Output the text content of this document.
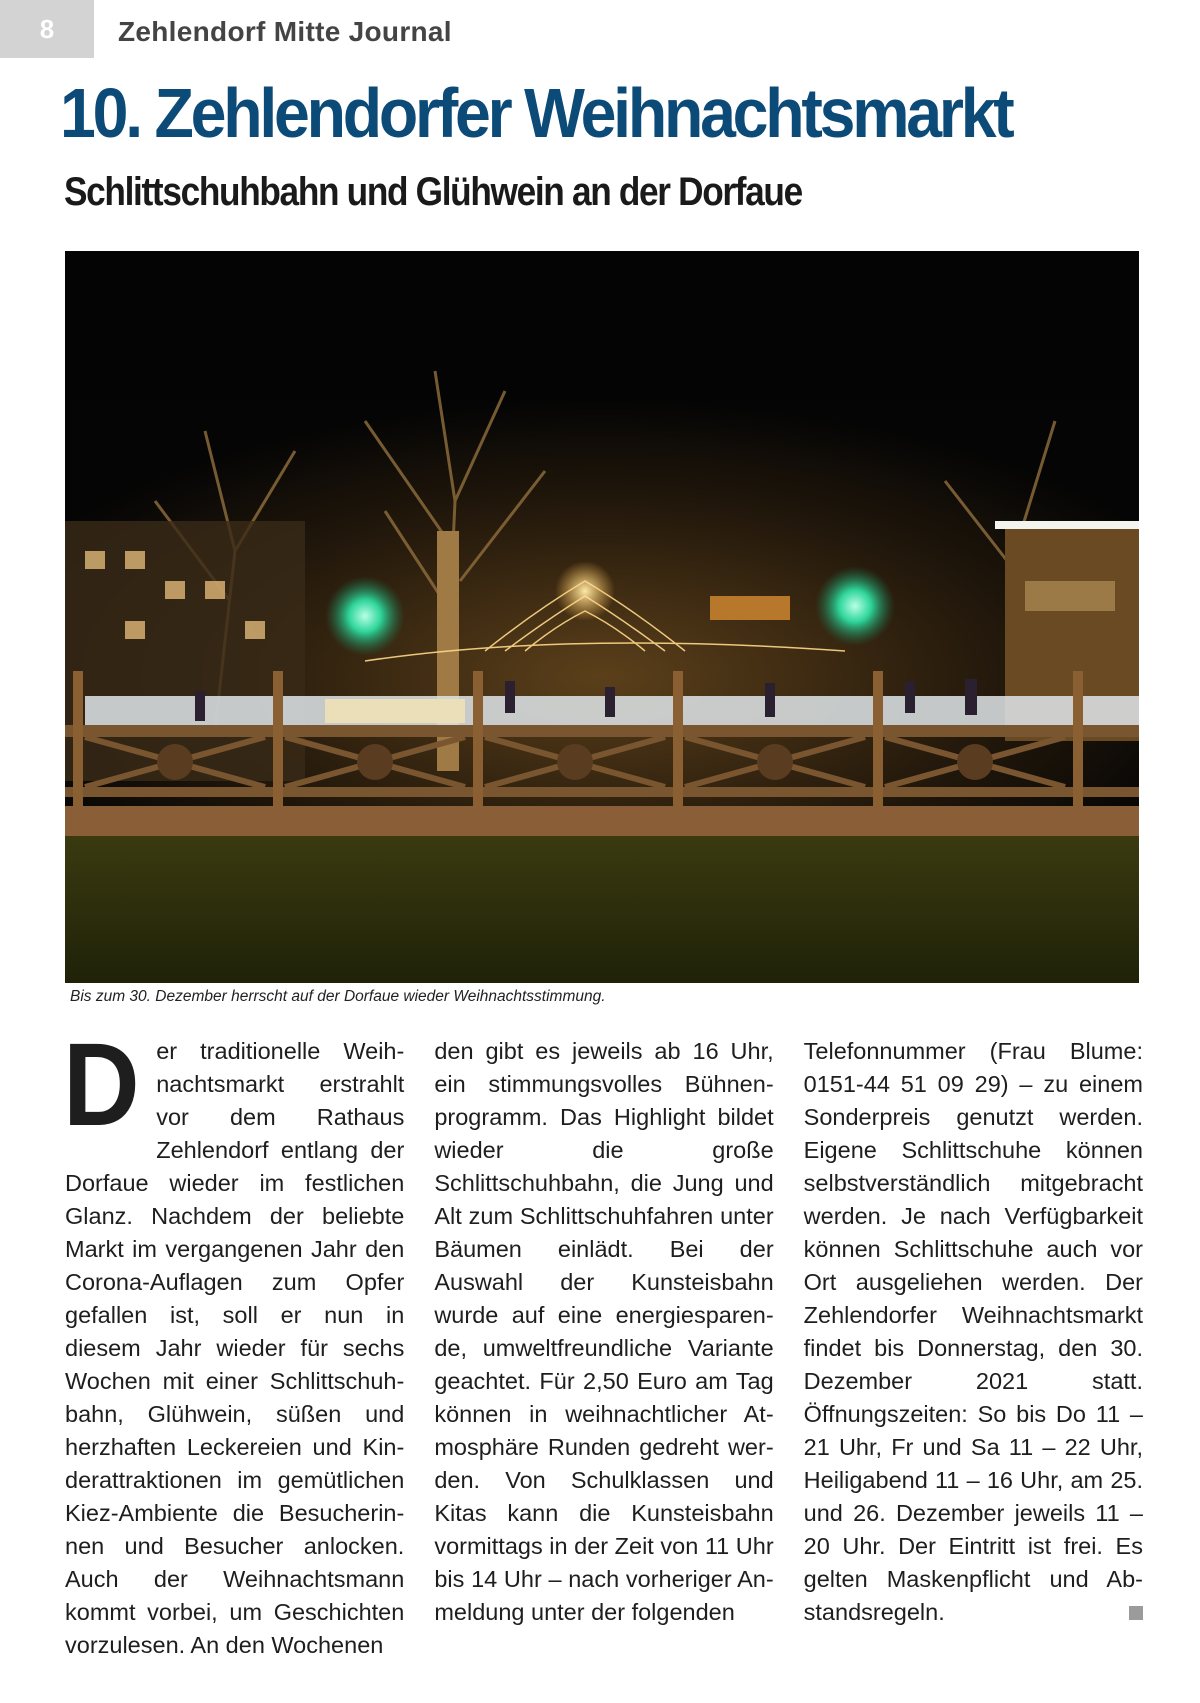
8	Zehlendorf Mitte Journal
10. Zehlendorfer Weihnachtsmarkt
Schlittschuhbahn und Glühwein an der Dorfaue
Bis zum 30. Dezember herrscht auf der Dorfaue wieder Weihnachtsstimmung.
D er traditionelle Weihnachtsmarkt erstrahlt vor dem Rathaus Zehlendorf entlang der Dorfaue wieder im festlichen Glanz. Nachdem der beliebte Markt im vergangenen Jahr den Corona-Auflagen zum Opfer gefallen ist, soll er nun in diesem Jahr wieder für sechs Wochen mit einer Schlittschuhbahn, Glühwein, süßen und herzhaften Leckereien und Kinderattraktionen im gemütlichen Kiez-Ambiente die Besucherinnen und Besucher anlocken. Auch der Weihnachtsmann kommt vorbei, um Geschichten vorzulesen. An den Wochenen

den gibt es jeweils ab 16 Uhr, ein stimmungsvolles Bühnenprogramm. Das Highlight bildet wieder die große Schlittschuhbahn, die Jung und Alt zum Schlittschuhfahren unter Bäumen einlädt. Bei der Auswahl der Kunsteisbahn wurde auf eine energiesparende, umweltfreundliche Variante geachtet. Für 2,50 Euro am Tag können in weihnachtlicher Atmosphäre Runden gedreht werden. Von Schulklassen und Kitas kann die Kunsteisbahn vormittags in der Zeit von 11 Uhr bis 14 Uhr – nach vorheriger Anmeldung unter der folgenden

Telefonnummer (Frau Blume: 0151-44 51 09 29) – zu einem Sonderpreis genutzt werden. Eigene Schlittschuhe können selbstverständlich mitgebracht werden. Je nach Verfügbarkeit können Schlittschuhe auch vor Ort ausgeliehen werden. Der Zehlendorfer Weihnachtsmarkt findet bis Donnerstag, den 30. Dezember 2021 statt. Öffnungszeiten: So bis Do 11 – 21 Uhr, Fr und Sa 11 – 22 Uhr, Heiligabend 11 – 16 Uhr, am 25. und 26. Dezember jeweils 11 – 20 Uhr. Der Eintritt ist frei. Es gelten Maskenpflicht und Abstandsregeln.
